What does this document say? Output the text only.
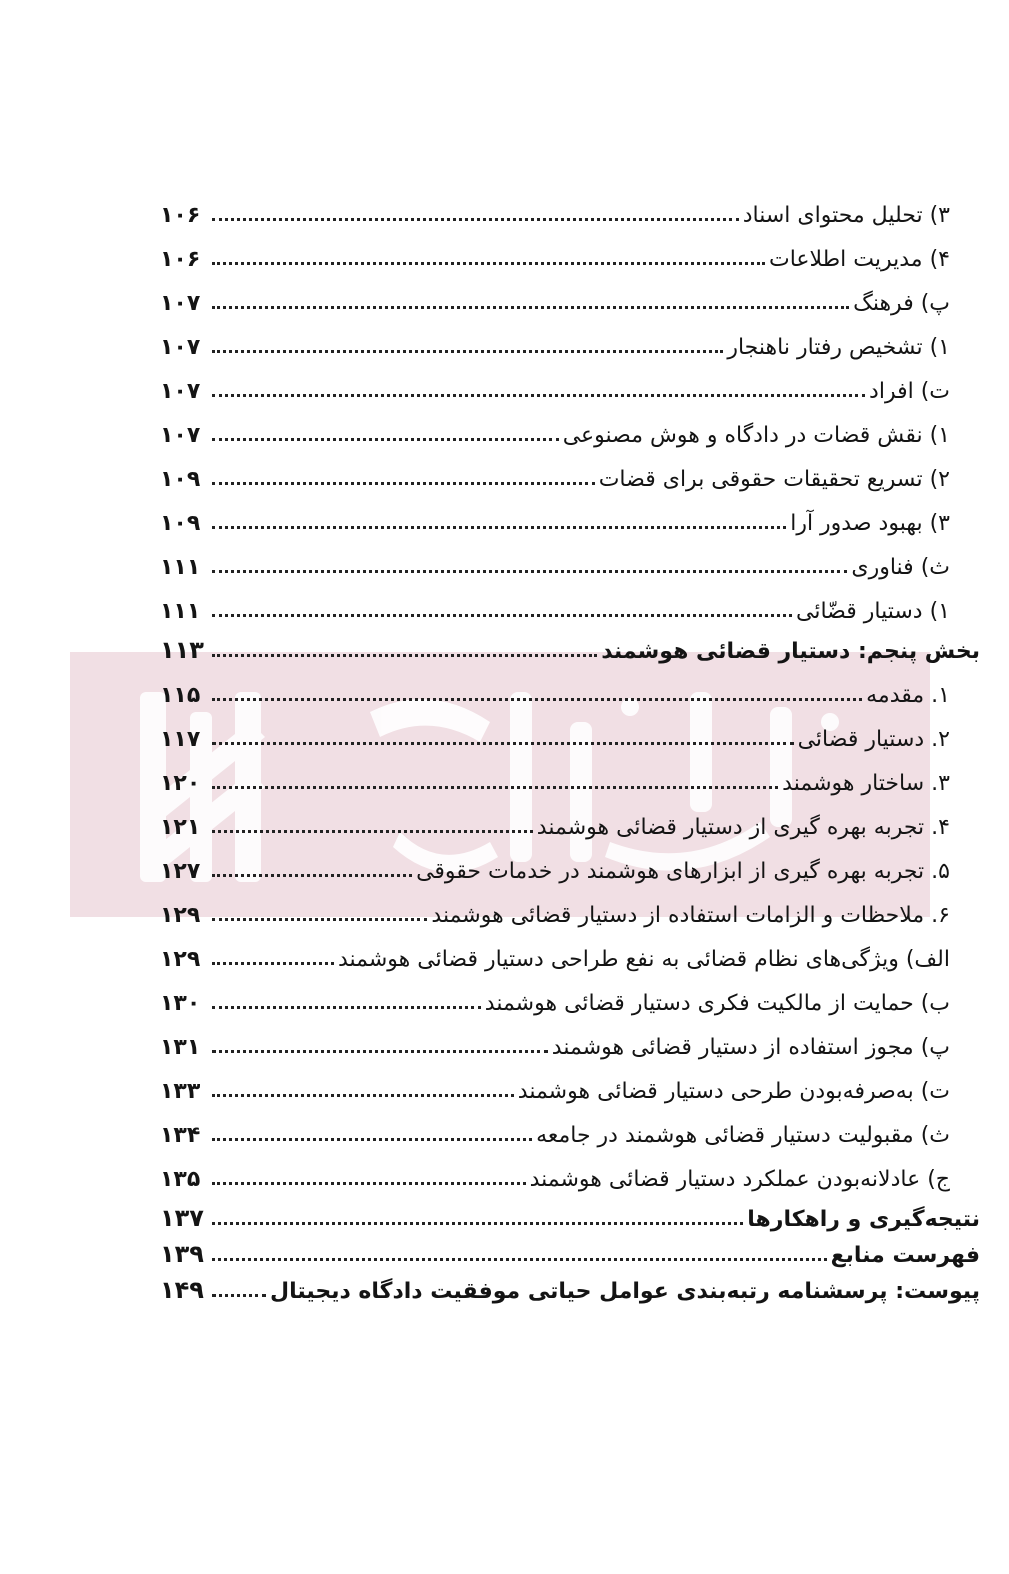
۳) تحلیل محتوای اسناد
۱۰۶
۴) مدیریت اطلاعات
۱۰۶
پ) فرهنگ
۱۰۷
۱) تشخیص رفتار ناهنجار
۱۰۷
ت) افراد
۱۰۷
۱) نقش قضات در دادگاه و هوش مصنوعی
۱۰۷
۲) تسریع تحقیقات حقوقی برای قضات
۱۰۹
۳) بهبود صدور آرا
۱۰۹
ث) فناوری
۱۱۱
۱) دستیار قضّائی
۱۱۱
بخش پنجم: دستیار قضائی هوشمند
۱۱۳
۱. مقدمه
۱۱۵
۲. دستیار قضائی
۱۱۷
۳. ساختار هوشمند
۱۲۰
۴. تجربه بهره گیری از دستیار قضائی هوشمند
۱۲۱
۵. تجربه بهره گیری از ابزارهای هوشمند در خدمات حقوقی
۱۲۷
۶. ملاحظات و الزامات استفاده از دستیار قضائی هوشمند
۱۲۹
الف) ویژگی‌های نظام قضائی به نفع طراحی دستیار قضائی هوشمند
۱۲۹
ب) حمایت از مالکیت فکری دستیار قضائی هوشمند
۱۳۰
پ) مجوز استفاده از دستیار قضائی هوشمند
۱۳۱
ت) به‌صرفه‌بودن طرحی دستیار قضائی هوشمند
۱۳۳
ث) مقبولیت دستیار قضائی هوشمند در جامعه
۱۳۴
ج) عادلانه‌بودن عملکرد دستیار قضائی هوشمند
۱۳۵
نتیجه‌گیری و راهکارها
۱۳۷
فهرست منابع
۱۳۹
پیوست: پرسشنامه رتبه‌بندی عوامل حیاتی موفقیت دادگاه دیجیتال
۱۴۹
